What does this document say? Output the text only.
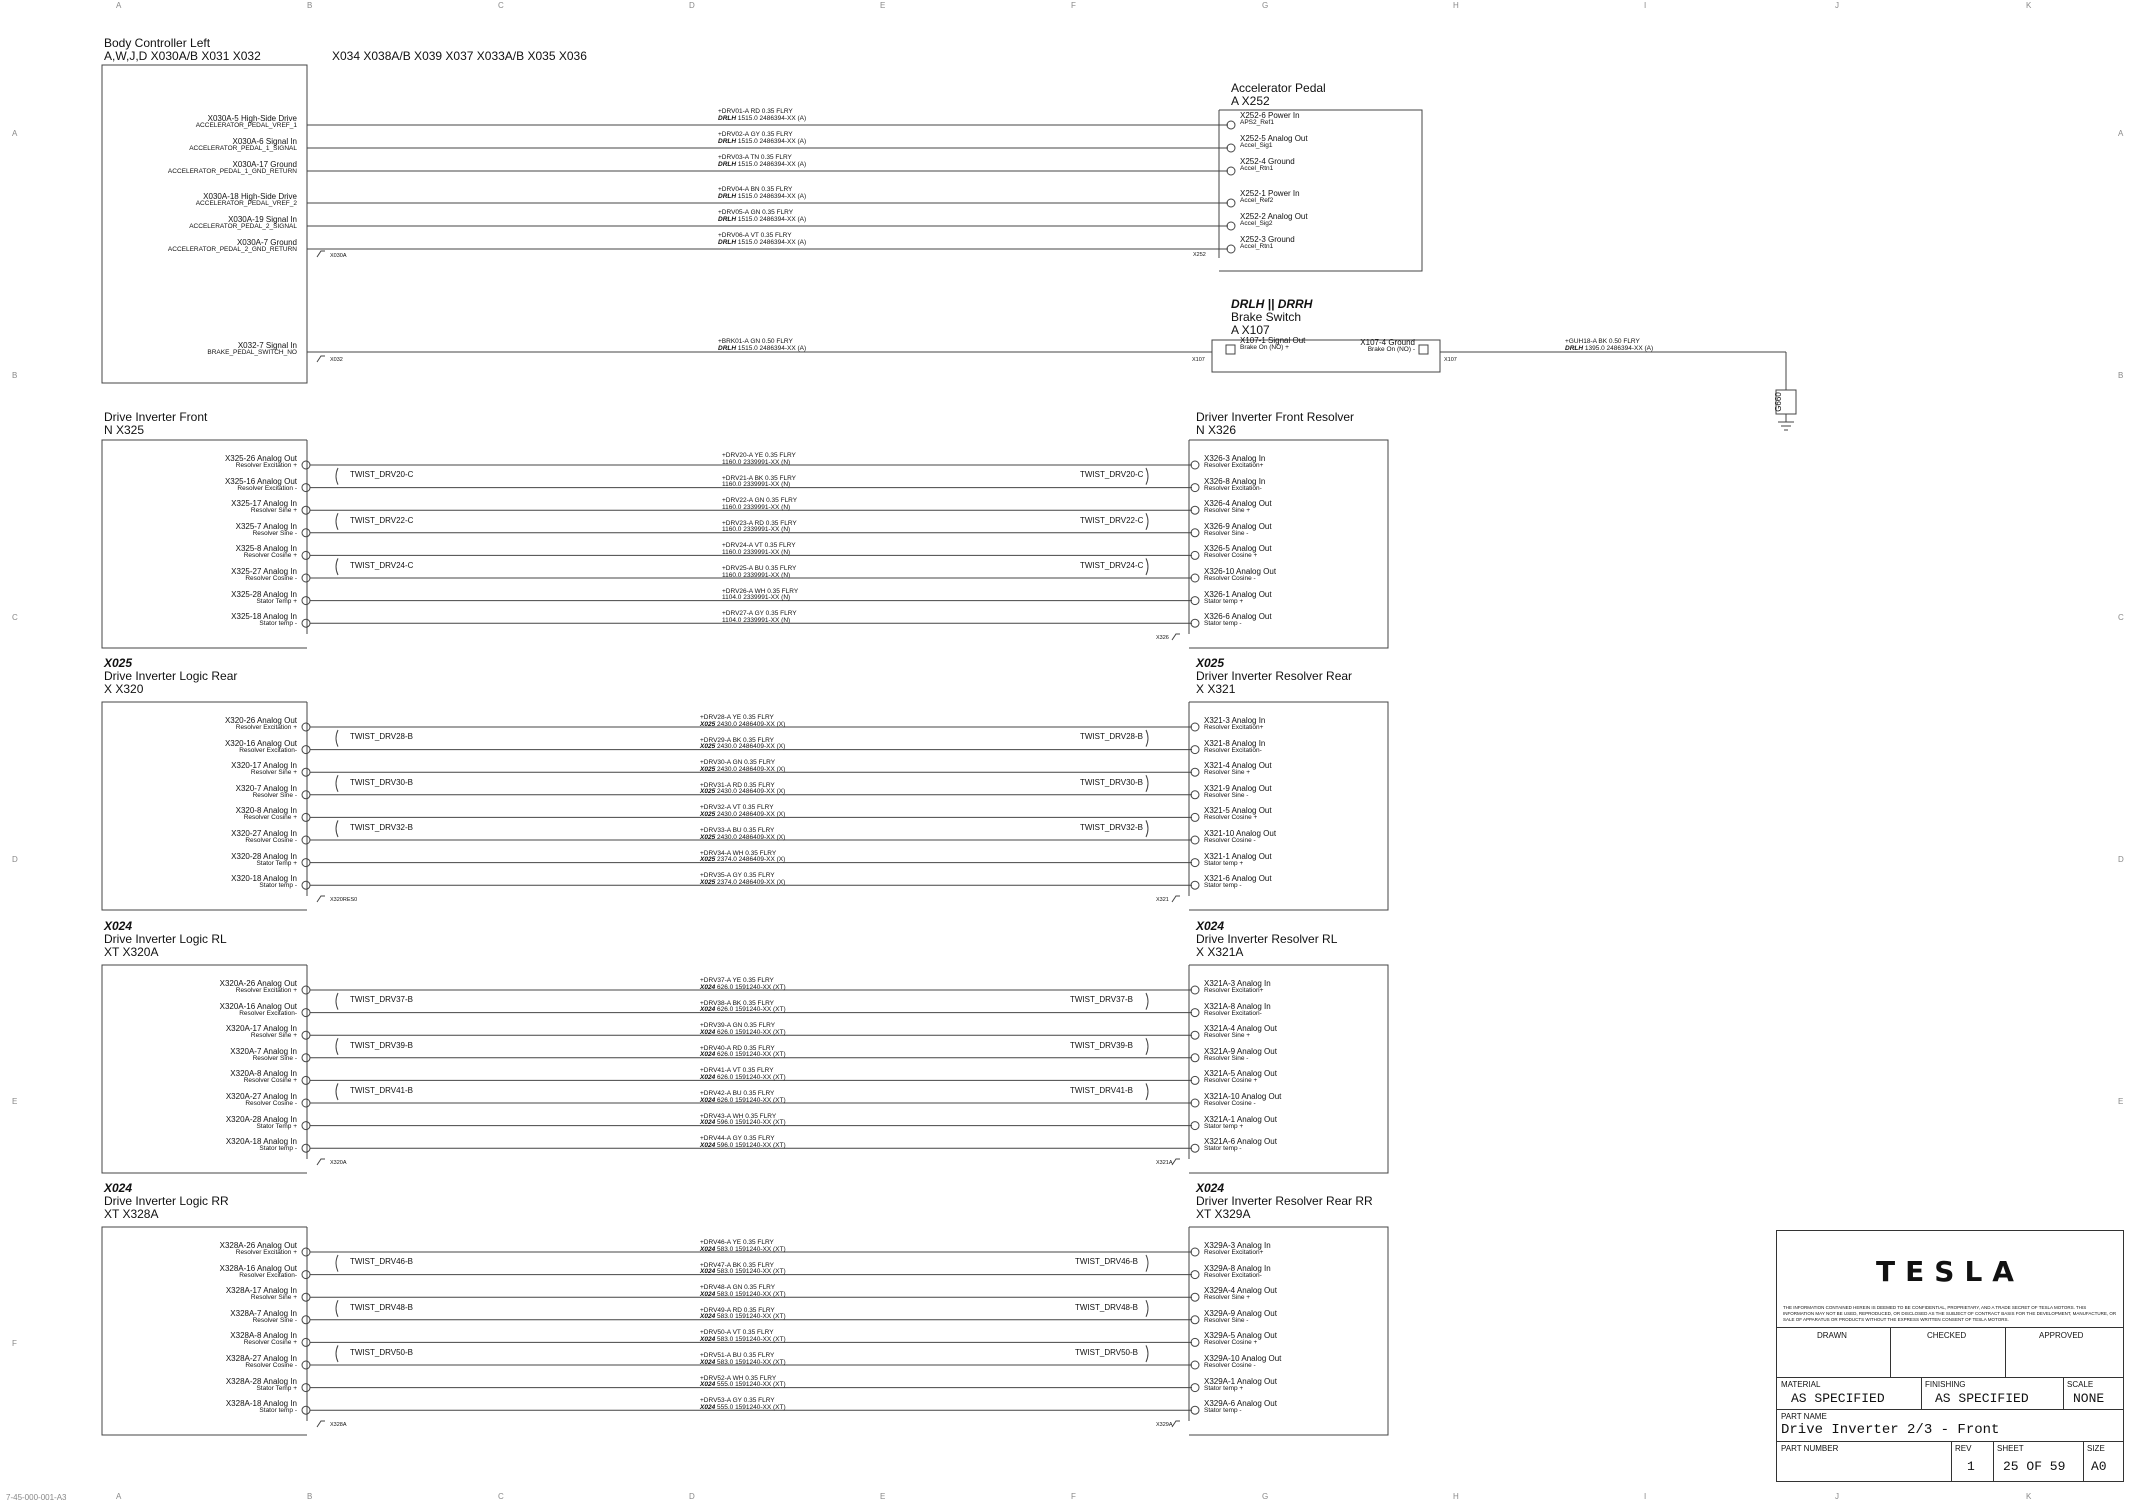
A
A
B
B
C
C
D
D
E
E
F
F
G
G
H
H
I
I
J
J
K
K
A	A
B	B
C	C
D	D
E	E
F
7-45-000-001-A3
Body Controller Left
A,W,J,D X030A/B X031 X032	X034 X038A/B X039 X037 X033A/B X035 X036
X030A-5 High-Side Drive
ACCELERATOR_PEDAL_VREF_1
X030A-6 Signal In
ACCELERATOR_PEDAL_1_SIGNAL
X030A-17 Ground
ACCELERATOR_PEDAL_1_GND_RETURN
X030A-18 High-Side Drive
ACCELERATOR_PEDAL_VREF_2
X030A-19 Signal In
ACCELERATOR_PEDAL_2_SIGNAL
X030A-7 Ground
ACCELERATOR_PEDAL_2_GND_RETURN
X030A
X032-7 Signal In
BRAKE_PEDAL_SWITCH_NO
X032
Accelerator Pedal
A X252
X252
X252-6 Power In
APS2_Ref1
+DRV01-A RD 0.35 FLRY
DRLH 1515.0 2486394-XX (A)
X252-5 Analog Out
Accel_Sig1
+DRV02-A GY 0.35 FLRY
DRLH 1515.0 2486394-XX (A)
X252-4 Ground
Accel_Rtn1
+DRV03-A TN 0.35 FLRY
DRLH 1515.0 2486394-XX (A)
X252-1 Power In
Accel_Ref2
+DRV04-A BN 0.35 FLRY
DRLH 1515.0 2486394-XX (A)
X252-2 Analog Out
Accel_Sig2
+DRV05-A GN 0.35 FLRY
DRLH 1515.0 2486394-XX (A)
X252-3 Ground
Accel_Rtn1
+DRV06-A VT 0.35 FLRY
DRLH 1515.0 2486394-XX (A)
DRLH || DRRH
Brake Switch
A X107
X107-1 Signal Out
Brake On (NO) +
X107-4 Ground
Brake On (NO) -
X107	X107
+BRK01-A GN 0.50 FLRY
DRLH 1515.0 2486394-XX (A)
+GUH18-A BK 0.50 FLRY
DRLH 1395.0 2486394-XX (A)
G660
Drive Inverter Front
N X325
Driver Inverter Front Resolver
N X326
X325-26 Analog Out
Resolver Excitation +
X326-3 Analog In
Resolver Excitation+
+DRV20-A YE 0.35 FLRY
1160.0 2339991-XX (N)
X325-16 Analog Out
Resolver Excitation -
X326-8 Analog In
Resolver Excitation-
+DRV21-A BK 0.35 FLRY
1160.0 2339991-XX (N)
X325-17 Analog In
Resolver Sine +
X326-4 Analog Out
Resolver Sine +
+DRV22-A GN 0.35 FLRY
1160.0 2339991-XX (N)
X325-7 Analog In
Resolver Sine -
X326-9 Analog Out
Resolver Sine -
+DRV23-A RD 0.35 FLRY
1160.0 2339991-XX (N)
X325-8 Analog In
Resolver Cosine +
X326-5 Analog Out
Resolver Cosine +
+DRV24-A VT 0.35 FLRY
1160.0 2339991-XX (N)
X325-27 Analog In
Resolver Cosine -
X326-10 Analog Out
Resolver Cosine -
+DRV25-A BU 0.35 FLRY
1160.0 2339991-XX (N)
X325-28 Analog In
Stator Temp +
X326-1 Analog Out
Stator temp +
+DRV26-A WH 0.35 FLRY
1104.0 2339991-XX (N)
X325-18 Analog In
Stator temp -
X326-6 Analog Out
Stator temp -
+DRV27-A GY 0.35 FLRY
1104.0 2339991-XX (N)
TWIST_DRV20-C	TWIST_DRV20-C
TWIST_DRV22-C	TWIST_DRV22-C
TWIST_DRV24-C	TWIST_DRV24-C
X326
X025
Drive Inverter Logic Rear
X X320
X025
Driver Inverter Resolver Rear
X X321
X320-26 Analog Out
Resolver Excitation +
X321-3 Analog In
Resolver Excitation+
+DRV28-A YE 0.35 FLRY
X025 2430.0 2486409-XX (X)
X320-16 Analog Out
Resolver Excitation-
X321-8 Analog In
Resolver Excitation-
+DRV29-A BK 0.35 FLRY
X025 2430.0 2486409-XX (X)
X320-17 Analog In
Resolver Sine +
X321-4 Analog Out
Resolver Sine +
+DRV30-A GN 0.35 FLRY
X025 2430.0 2486409-XX (X)
X320-7 Analog In
Resolver Sine -
X321-9 Analog Out
Resolver Sine -
+DRV31-A RD 0.35 FLRY
X025 2430.0 2486409-XX (X)
X320-8 Analog In
Resolver Cosine +
X321-5 Analog Out
Resolver Cosine +
+DRV32-A VT 0.35 FLRY
X025 2430.0 2486409-XX (X)
X320-27 Analog In
Resolver Cosine -
X321-10 Analog Out
Resolver Cosine -
+DRV33-A BU 0.35 FLRY
X025 2430.0 2486409-XX (X)
X320-28 Analog In
Stator Temp +
X321-1 Analog Out
Stator temp +
+DRV34-A WH 0.35 FLRY
X025 2374.0 2486409-XX (X)
X320-18 Analog In
Stator temp -
X321-6 Analog Out
Stator temp -
+DRV35-A GY 0.35 FLRY
X025 2374.0 2486409-XX (X)
TWIST_DRV28-B	TWIST_DRV28-B
TWIST_DRV30-B	TWIST_DRV30-B
TWIST_DRV32-B	TWIST_DRV32-B
X320RES0	X321
X024
Drive Inverter Logic RL
XT X320A
X024
Drive Inverter Resolver RL
X X321A
X320A-26 Analog Out
Resolver Excitation +
X321A-3 Analog In
Resolver Excitation+
+DRV37-A YE 0.35 FLRY
X024 626.0 1591240-XX (XT)
X320A-16 Analog Out
Resolver Excitation-
X321A-8 Analog In
Resolver Excitation-
+DRV38-A BK 0.35 FLRY
X024 626.0 1591240-XX (XT)
X320A-17 Analog In
Resolver Sine +
X321A-4 Analog Out
Resolver Sine +
+DRV39-A GN 0.35 FLRY
X024 626.0 1591240-XX (XT)
X320A-7 Analog In
Resolver Sine -
X321A-9 Analog Out
Resolver Sine -
+DRV40-A RD 0.35 FLRY
X024 626.0 1591240-XX (XT)
X320A-8 Analog In
Resolver Cosine +
X321A-5 Analog Out
Resolver Cosine +
+DRV41-A VT 0.35 FLRY
X024 626.0 1591240-XX (XT)
X320A-27 Analog In
Resolver Cosine -
X321A-10 Analog Out
Resolver Cosine -
+DRV42-A BU 0.35 FLRY
X024 626.0 1591240-XX (XT)
X320A-28 Analog In
Stator Temp +
X321A-1 Analog Out
Stator temp +
+DRV43-A WH 0.35 FLRY
X024 596.0 1591240-XX (XT)
X320A-18 Analog In
Stator temp -
X321A-6 Analog Out
Stator temp -
+DRV44-A GY 0.35 FLRY
X024 596.0 1591240-XX (XT)
TWIST_DRV37-B	TWIST_DRV37-B
TWIST_DRV39-B	TWIST_DRV39-B
TWIST_DRV41-B	TWIST_DRV41-B
X320A	X321A
X024
Drive Inverter Logic RR
XT X328A
X024
Driver Inverter Resolver Rear RR
XT X329A
X328A-26 Analog Out
Resolver Excitation +
X329A-3 Analog In
Resolver Excitation+
+DRV46-A YE 0.35 FLRY
X024 583.0 1591240-XX (XT)
X328A-16 Analog Out
Resolver Excitation-
X329A-8 Analog In
Resolver Excitation-
+DRV47-A BK 0.35 FLRY
X024 583.0 1591240-XX (XT)
X328A-17 Analog In
Resolver Sine +
X329A-4 Analog Out
Resolver Sine +
+DRV48-A GN 0.35 FLRY
X024 583.0 1591240-XX (XT)
X328A-7 Analog In
Resolver Sine -
X329A-9 Analog Out
Resolver Sine -
+DRV49-A RD 0.35 FLRY
X024 583.0 1591240-XX (XT)
X328A-8 Analog In
Resolver Cosine +
X329A-5 Analog Out
Resolver Cosine +
+DRV50-A VT 0.35 FLRY
X024 583.0 1591240-XX (XT)
X328A-27 Analog In
Resolver Cosine -
X329A-10 Analog Out
Resolver Cosine -
+DRV51-A BU 0.35 FLRY
X024 583.0 1591240-XX (XT)
X328A-28 Analog In
Stator Temp +
X329A-1 Analog Out
Stator temp +
+DRV52-A WH 0.35 FLRY
X024 555.0 1591240-XX (XT)
X328A-18 Analog In
Stator temp -
X329A-6 Analog Out
Stator temp -
+DRV53-A GY 0.35 FLRY
X024 555.0 1591240-XX (XT)
TWIST_DRV46-B	TWIST_DRV46-B
TWIST_DRV48-B	TWIST_DRV48-B
TWIST_DRV50-B	TWIST_DRV50-B
X328A	X329A
TESLA
THE INFORMATION CONTAINED HEREIN IS DEEMED TO BE CONFIDENTIAL, PROPRIETARY, AND A TRADE SECRET OF TESLA MOTORS. THIS INFORMATION MAY NOT BE USED, REPRODUCED, OR DISCLOSED AS THE SUBJECT OF CONTRACT BASIS FOR THE DEVELOPMENT, MANUFACTURE, OR SALE OF APPARATUS OR PRODUCTS WITHOUT THE EXPRESS WRITTEN CONSENT OF TESLA MOTORS.
DRAWN	CHECKED	APPROVED
MATERIAL
AS SPECIFIED
FINISHING
AS SPECIFIED
SCALE
NONE
PART NAME
Drive Inverter 2/3 - Front
PART NUMBER	REV
1
SHEET
25 OF 59
SIZE
A0
